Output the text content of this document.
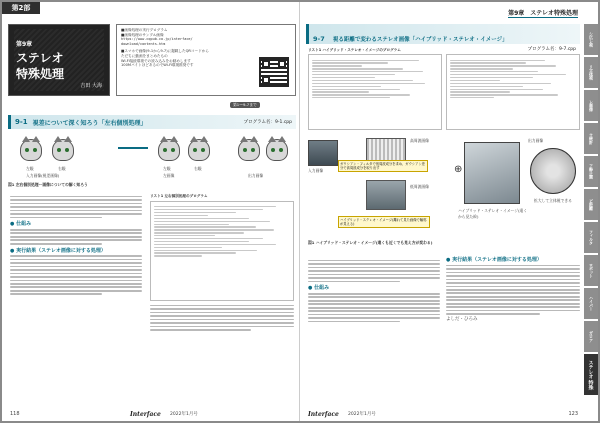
第2部
第9章
ステレオ
特殊処理
吉田 大海
■画像処理の実行プログラム
■画像処理のサンプル画像
https://www.cqpub.co.jp/interface/
download/contents.htm
■スマホで画像(9-1から9-7)に掲載したQRコードから
ただちに動画をまとめたもの
Wi-Fi接続環境での読み込みをお勧めします
100MバイトほどあるのでWi-Fi環境推奨です
第1〜9-7まで
9-1 視差について深く知ろう「左右個別処理」	プログラム名：9-1.cpp
左眼	右眼	左眼	右眼
入力画像(視差画像)	左画像	出力画像
図1 左右個別処理ー画像についての解く知ろう
● 仕組み
● 実行結果（ステレオ画像に対する処理）
リスト1 左右個別処理のプログラム
118	Interface 2022年1月号
第9章　ステレオ特殊処理
9-7 視る距離で変わるステレオ画像「ハイブリッド・ステレオ・イメージ」
プログラム名：9-7.cpp
リスト1 ハイブリッド・ステレオ・イメージのプログラム
入力画像
高周波画像
低周波画像
ガウシアン・フィルタで低周波成分を求め、ガウシアン差分で高周波成分を取り出す
ハイブリッド・ステレオ・イメージ(離れて見た画像で輪郭が見える)
⊕
出力画像
ハイブリッド・ステレオ・イメージ(遠くから見た絵)
拡大して立体視できる
図1 ハイブリッド・ステレオ・イメージ(遠くも近くでも見え方が変わる)
● 仕組み
● 実行結果（ステレオ画像に対する処理）
よしだ・ひろみ
シ広レ視
リ立体視
レ画像
ウ統計
ア静止画
ビ距離
フィルタ
ロボット
ハイパー
ガロア
ステレオ 特殊
Interface 2022年1月号	123
